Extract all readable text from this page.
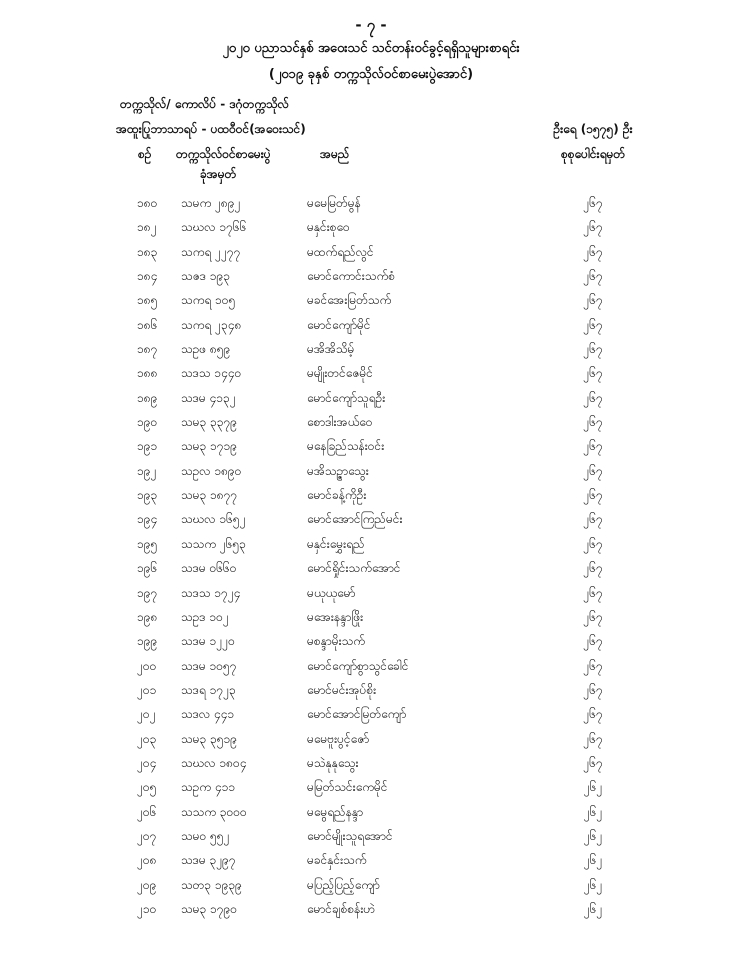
- ၇ -
၂၀၂၀ ပညာသင်နှစ် အဝေးသင် သင်တန်းဝင်ခွင့်ရရှိသူများစာရင်း
(၂၀၁၉ ခုနှစ် တက္ကသိုလ်ဝင်စာမေးပွဲအောင်)
တက္ကသိုလ်/ ကောလိပ် - ဒဂုံတက္ကသိုလ်
အထူးပြုဘာသာရပ် - ပထဝီဝင်(အဝေးသင်)	ဦးရေ (၁၅၇၅) ဦး
စဉ် တက္ကသိုလ်ဝင်စာမေးပွဲ
ခုံအမှတ်
အမည်	စုစုပေါင်းရမှတ်
၁၈၀	သမက ၂၈၉၂	မမေမြတ်မွန်	၂၆၇
၁၈၂	သဃလ ၁၇၆၆	မနှင်းစုဝေ	၂၆၇
၁၈၃	သကရ ၂၂၇၇	မထက်ရည်လွင်	၂၆၇
၁၈၄	သဇဒ ၁၉၃	မောင်ကောင်းသက်စံ	၂၆၇
၁၈၅	သကရ ၁၀၅	မခင်အေးမြတ်သက်	၂၆၇
၁၈၆	သကရ ၂၃၄၈	မောင်ကျော်မိုင်	၂၆၇
၁၈၇	သဥဖ ၈၅၉	မအိအိသိမ့်	၂၆၇
၁၈၈	သဒသ ၁၄၄၀	မမျိုးတင်ဇေမိုင်	၂၆၇
၁၈၉	သဒမ ၄၁၃၂	မောင်ကျော်သူရဦး	၂၆၇
၁၉၀	သမ၃ ၃၃၇၉	စောဒါးအယ်ဝေ	၂၆၇
၁၉၁	သမ၃ ၁၇၁၉	မနေခြည်သန်းဝင်း	၂၆၇
၁၉၂	သဥလ ၁၈၉၀	မအိသဉ္ဇာသွေး	၂၆၇
၁၉၃	သမ၃ ၁၈၇၇	မောင်ခန့်ကိုဦး	၂၆၇
၁၉၄	သဃလ ၁၆၅၂	မောင်အောင်ကြည်မင်း	၂၆၇
၁၉၅	သသက ၂၆၅၃	မနှင်းမွှေးရည်	၂၆၇
၁၉၆	သဒမ ၀၆၆၀	မောင်ရှိုင်းသက်အောင်	၂၆၇
၁၉၇	သဒသ ၁၇၂၄	မယုယုမော်	၂၆၇
၁၉၈	သဥဒ ၁၀၂	မအေးနန္ဒာဖြိုး	၂၆၇
၁၉၉	သဒမ ၁၂၂၀	မစန္ဒာမိုးသက်	၂၆၇
၂၀၀	သဒမ ၁၀၅၇	မောင်ကျော်စွာသွင်ခေါင်	၂၆၇
၂၀၁	သဒရ ၁၇၂၃	မောင်မင်းအုပ်စိုး	၂၆၇
၂၀၂	သဒလ ၄၄၁	မောင်အောင်မြတ်ကျော်	၂၆၇
၂၀၃	သမ၃ ၃၅၁၉	မမေဗူးပွင့်ဇော်	၂၆၇
၂၀၄	သဃလ ၁၈၀၄	မသဲနုနုသွေး	၂၆၇
၂၀၅	သဥက ၄၁၁	မမြတ်သင်းကေမိုင်	၂၆၂
၂၀၆	သသက ၃၀၀၀	မမွေရည်နန္ဒာ	၂၆၂
၂၀၇	သမဝ ၅၅၂	မောင်မျိုးသူရအောင်	၂၆၂
၂၀၈	သဒမ ၃၂၉၇	မခင်နှင်းသက်	၂၆၂
၂၀၉	သတ၃ ၁၉၃၉	မပြည့်ပြည့်ကျော်	၂၆၂
၂၁၀	သမ၃ ၁၇၉၀	မောင်ချစ်စန်းဟဲ	၂၆၂
